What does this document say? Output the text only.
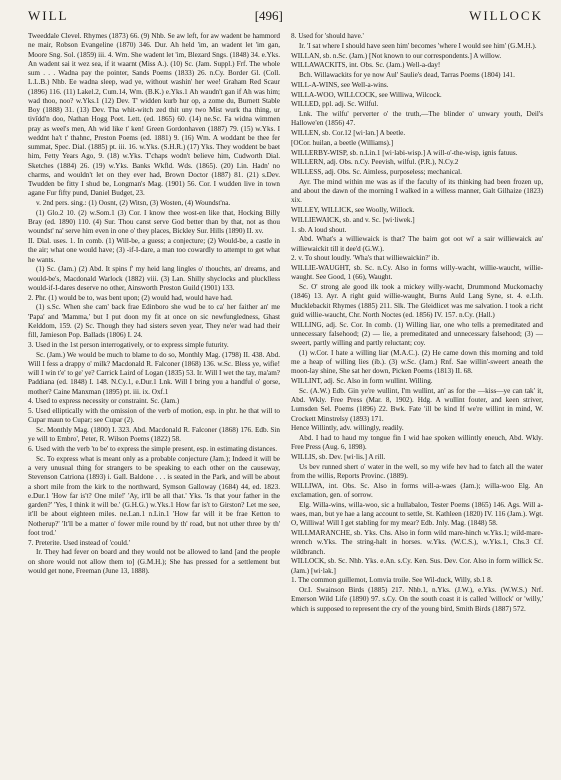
WILL	[496]	WILLOCK

Tweeddale Clevel. Rhymes (1873) 66. (9) Nhb. Se aw left, for aw wadent be hammord ne mair, Robson Evangeline (1870) 346. Dur. Ah held 'im, an wadent let 'im gan, Moore Sng. Sol. (1859) iii. 4. Wm. She wadent let 'im, Blezard Sngs. (1848) 34. e.Yks. An wadent sai it wez sea, if it waarnt (Miss A.). (10) Sc. (Jam. Suppl.) Frf. The whole sum . . . Wadna pay the pointer, Sands Poems (1833) 26. n.Cy. Border Gl. (Coll. L.L.B.) Nhb. Ee wadna sleep, wad ye, without washin' her wee! Graham Red Scaur (1896) 116. (11) Lakel.2, Cum.14, Wm. (B.K.) e.Yks.1 Ah waudn't gan if Ah was him; wad thoo, noo? w.Yks.1 (12) Dev. T' widden kurb hur op, a zome du, Burnett Stable Boy (1888) 31. (13) Dev. Tha whit-witch zed thit uny two Mist wurk tha thing, ur tivîdd'n doo, Nathan Hogg Poet. Lett. (ed. 1865) 60. (14) ne.Sc. Fa widna wimmen pray as weel's men, Ah wid like t' ken! Green Gordonhaven (1887) 79. (15) w.Yks. I weddnt ha't t' thahnc, Preston Poems (ed. 1881) 9. (16) Wm. A woddant be thee fer summat, Spec. Dial. (1885) pt. iii. 16. w.Yks. (S.H.R.) (17) Yks. They woddent be baet him, Fetty Years Ago, 9. (18) w.Yks. T'chaps wodn't believe him, Cudworth Dial. Sketches (1884) 26. (19) w.Yks. Banks Wkfld. Wds. (1865). (20) Lin. Hadn' no charms, and wouldn't let on they ever had, Brown Doctor (1887) 81. (21) s.Dev. Twudden be fitty I shud be, Longman's Mag. (1901) 56. Cor. I wudden live in town agane Fur fifty pund, Daniel Budget, 23.

v. 2nd pers. sing.: (1) Oosnt, (2) Witsn, (3) Wosten, (4) Woundst'na.

(1) Glo.2 10. (2) w.Som.1 (3) Cor. I know thee wost-en like that, Hocking Billy Bray (ed. 1890) 110. (4) Sur. Thou canst serve God better than by that, not as thou woundst' na' serve him even in one o' they places, Bickley Sur. Hills (1890) II. xv.

II. Dial. uses. 1. In comb. (1) Will-be, a guess; a conjecture; (2) Would-be, a castle in the air; what one would have; (3) -if-I-dare, a man too cowardly to attempt to get what he wants.

(1) Sc. (Jam.) (2) Abd. It spins f' my heid lang lingles o' thouchts, an' dreams, and would-be's, Macdonald Warlock (1882) viii. (3) Lan. Shilly shyclocks and plucklless would-if-I-dares deserve no other, Ainsworth Preston Guild (1901) 133.

2. Phr. (1) would be to, was bent upon; (2) would had, would have had.

(1) s.Sc. When she cam' back frae Edinboro she wud be to ca' her faither an' me 'Papa' and 'Mamma,' but I put doon my fit at once on sic newfungledness, Ghast Kelddom, 159. (2) Sc. Though they had sisters seven year, They ne'er wad had their fill, Jamieson Pop. Ballads (1806) I. 24.

3. Used in the 1st person interrogatively, or to express simple futurity.

Sc. (Jam.) We would be much to blame to do so, Monthly Mag. (1798) II. 438. Abd. Will I fess a drappy o' milk? Macdonald R. Falconer (1868) 136. w.Sc. Bless ye, wifie! will I win t'e' to ge' ye? Carrick Laird of Logan (1835) 53. Ir. Will I wet the tay, ma'am? Paddiana (ed. 1848) I. 148. N.Cy.1, e.Dur.1 Lnk. Will I bring you a handful o' gorse, mother? Caine Manxman (1895) pt. iii. ix. Oxf.1

4. Used to express necessity or constraint. Sc. (Jam.)

5. Used elliptically with the omission of the verb of motion, esp. in phr. he that will to Cupar maun to Cupar; see Cupar (2).

Sc. Monthly Mag. (1800) I. 323. Abd. Macdonald R. Falconer (1868) 176. Edb. Sin ye will to Embro', Peter, R. Wilson Poems (1822) 58.

6. Used with the verb 'to be' to express the simple present, esp. in estimating distances.

Sc. To express what is meant only as a probable conjecture (Jam.); Indeed it will be a very unusual thing for strangers to be speaking to each other on the causeway, Stevenson Catriona (1893) i. Gall. Baldone . . . is seated in the Park, and will be about a short mile from the kirk to the northward, Symson Galloway (1684) 44, ed. 1823. e.Dur.1 'How far is't? One mile!' 'Ay, it'll be all that.' Yks. 'Is that your father in the garden?' 'Yes, I think it will be.' (G.H.G.) w.Yks.1 How far is't to Girston? Let me see, it'll be about eighteen miles. ne.Lan.1 n.Lin.1 'How far will it be frae Ketton to Notherup?' 'It'll be a matter o' fower mile round by th' road, but not uther three by th' foot trod.'

7. Preterite. Used instead of 'could.'

Ir. They had fever on board and they would not be allowed to land [and the people on shore would not allow them to] (G.M.H.); She has pressed for a settlement but would get none, Freeman (June 13, 1888).

8. Used for 'should have.'

Ir. 'I sat where I should have seen him' becomes 'where I would see him' (G.M.H.).

WILLAN, sb. n.Sc. (Jam.) [Not known to our correspondents.] A willow.

WILLAWACKITS, int. Obs. Sc. (Jam.) Well-a-day!

Bch. Willawackits for ye now Aul' Saulie's dead, Tarras Poems (1804) 141.

WILL-A-WINS, see Well-a-wins.

WILLA-WOO, WILLCOCK, see Williwa, Wilcock.

WILLED, ppl. adj. Sc. Wilful.

Lnk. The wilfu' perverter o' the truth,—The blinder o' unwary youth, Deil's Hallowe'en (1856) 47.

WILLEN, sb. Cor.12 [wi·lən.] A beetle.

[OCor. huilan, a beetle (Williams).]

WILLERBY-WISP, sb. n.Lin.1 [wi·ləbi-wisp.] A will-o'-the-wisp, ignis fatuus.

WILLERN, adj. Obs. n.Cy. Peevish, wilful. (P.R.), N.Cy.2

WILLESS, adj. Obs. Sc. Aimless, purposeless; mechanical.

Ayr. The mind within me was as if the faculty of its thinking had been frozen up, and about the dawn of the morning I walked in a willess manner, Galt Gilhaize (1823) xix.

WILLEY, WILLICK, see Woolly, Willock.

WILLIEWAICK, sb. and v. Sc. [wi·liwek.]

1. sb. A loud shout.

Abd. What's a williewaick is that? The bairn got oot wi' a sair williewaick au' williewaickit till it dee'd (G.W.).

2. v. To shout loudly. 'Wha's that williewaickin?' ib.

WILLIE-WAUGHT, sb. Sc. n.Cy. Also in forms willy-wacht, willie-waucht, willie-waught. See Good, 1 (66), Waught.

Sc. O' strong ale good ilk took a mickey willy-wacht, Drummond Muckomachy (1846) 13. Ayr. A right guid willie-waught, Burns Auld Lang Syne, st. 4. e.Lth. Mucklebackit Rhymes (1885) 211. Slk. The Gleidlicet was me salvation. I took a richt guid willie-waucht, Chr. North Noctes (ed. 1856) IV. 157. n.Cy. (Hall.)

WILLING, adj. Sc. Cor. In comb. (1) Willing liar, one who tells a premeditated and unnecessary falsehood; (2) — lie, a premeditated and unnecessary falsehood; (3) — sweert, partly willing and partly reluctant; coy.

(1) w.Cor. I hate a willing liar (M.A.C.). (2) He came down this morning and told me a heap of willing lies (ib.). (3) w.Sc. (Jam.) Rnf. Sae willin'-sweert aneath the moon-lay shine, She sat her down, Picken Poems (1813) II. 68.

WILLINT, adj. Sc. Also in form wullint. Willing.

Sc. (A.W.) Edb. Gin ye're wullint, I'm wullint, an' as for the —kiss—ye can tak' it, Abd. Wkly. Free Press (Mar. 8, 1902). Hdg. A wullint fouter, and keen striver, Lumsden Sel. Poems (1896) 22. Bwk. Fate 'ill be kind If we're willint in mind, W. Crockett Minstrelsy (1893) 171.

Hence Willintly, adv. willingly, readily.

Abd. I had to haud my tongue fin I wid hae spoken willintly eneuch, Abd. Wkly. Free Press (Aug. 6, 1898).

WILLIS, sb. Dev. [wi·lis.] A rill.

Us bev runned shert o' water in the well, so my wife hev had to fatch all the water from the willis, Reports Provinc. (1889).

WILLIWA, int. Obs. Sc. Also in forms will-a-waes (Jam.); willa-woo Elg. An exclamation, gen. of sorrow.

Elg. Willa-wins, willa-woo, sic a hullabaloo, Tester Poems (1865) 146. Ags. Will a-waes, man, but ye hae a lang account to settle, St. Kathleen (1820) IV. 116 (Jam.). Wgt. O, Williwa! Will I get stabling for my mear? Edb. Jnly. Mag. (1848) 58.

WILLMARANCHE, sb. Yks. Chs. Also in form wild mare-hinch w.Yks.1; wild-mare-wrench w.Yks. The string-halt in horses. w.Yks. (W.C.S.), w.Yks.1, Chs.3 Cf. wildbranch.

WILLOCK, sb. Sc. Nhb. Yks. e.An. s.Cy. Ken. Sus. Dev. Cor. Also in form willick Sc. (Jam.) [wi·lək.]

1. The common guillemot, Lomvia troile. See Wil-duck, Willy, sb.1 8.

Or.I. Swainson Birds (1885) 217. Nhb.1, n.Yks. (J.W.), e.Yks. (W.W.S.) Nrf. Emerson Wild Life (1890) 97. s.Cy. On the south coast it is called 'willock' or 'willy,' which is supposed to represent the cry of the young bird, Smith Birds (1887) 572.
